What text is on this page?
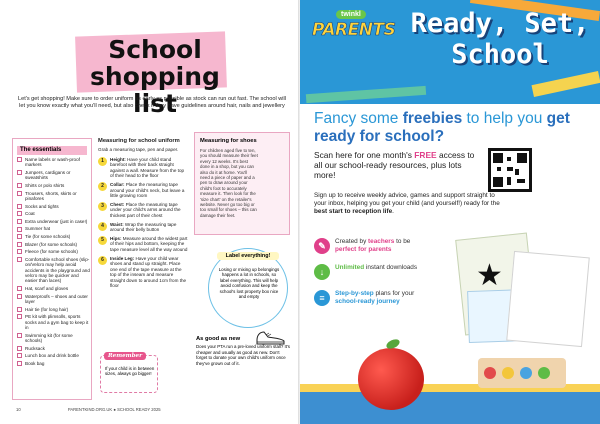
School
shopping list

Let's get shopping! Make sure to order uniform as early as possible as stock can run out fast. The school will let you know exactly what you'll need, but also check if they have guidelines around hair, nails and jewellery

The essentials
Name labels or wash-proof markers
Jumpers, cardigans or sweatshirts
Shirts or polo shirts
Trousers, shorts, skirts or pinafores
Socks and tights
Coat
Extra underwear (just in case!)
Summer hat
Tie (for some schools)
Blazer (for some schools)
Fleece (for some schools)
Comfortable school shoes (slip-on/Velcro may help avoid accidents in the playground and velcro may be quicker and easier than laces)
Hat, scarf and gloves
Waterproofs – shoes and outer layer
Hair tie (for long hair)
PE kit with plimsolls, sports socks and a gym bag to keep it in
Swimming kit (for some schools)
Rucksack
Lunch box and drink bottle
Book bag
Measuring for school uniform

Grab a measuring tape, pen and paper.

1	Height: Have your child stand barefoot with their back straight against a wall. Measure from the top of their head to the floor
2	Collar: Place the measuring tape around your child's neck, but leave a little growing room
3	Chest: Place the measuring tape under your child's arms around the thickest part of their chest
4	Waist: Wrap the measuring tape around their belly button
5	Hips: Measure around the widest part of their hips and bottom, keeping the tape measure level all the way around
6	Inside Leg: Have your child wear shoes and stand up straight. Place one end of the tape measure at the top of the inseam and measure straight down to around 1cm from the floor
Remember

If your child is in between sizes, always go bigger!

Measuring for shoes

For children aged five to ten, you should measure their feet every 12 weeks. It's best done in a shop, but you can also do it at home. You'll need a piece of paper and a pen to draw around your child's foot to accurately measure it. Then look for the 'size chart' on the retailer's website. Never go too big or too small for shoes – this can damage their feet.

Label everything!

Losing or mixing up belongings happens a lot in schools, so label everything. This will help avoid confusion and keep the school's lost property box nice and empty

As good as new

Does your PTA run a pre-loved uniform stall? It's cheaper and usually as good as new. Don't forget to donate your own child's uniform once they've grown out of it.

10	PARENTKIND.ORG.UK ● SCHOOL READY 2025
twinkl
PARENTS Ready, Set,
School

Fancy some freebies to help you get ready for school?

Scan here for one month's FREE access to all our school-ready resources, plus lots more!

Sign up to receive weekly advice, games and support straight to your inbox, helping you get your child (and yourself!) ready for the best start to reception life.

✎	Created by teachers to be perfect for parents
↓	Unlimited instant downloads
≡	Step-by-step plans for your school-ready journey
★
